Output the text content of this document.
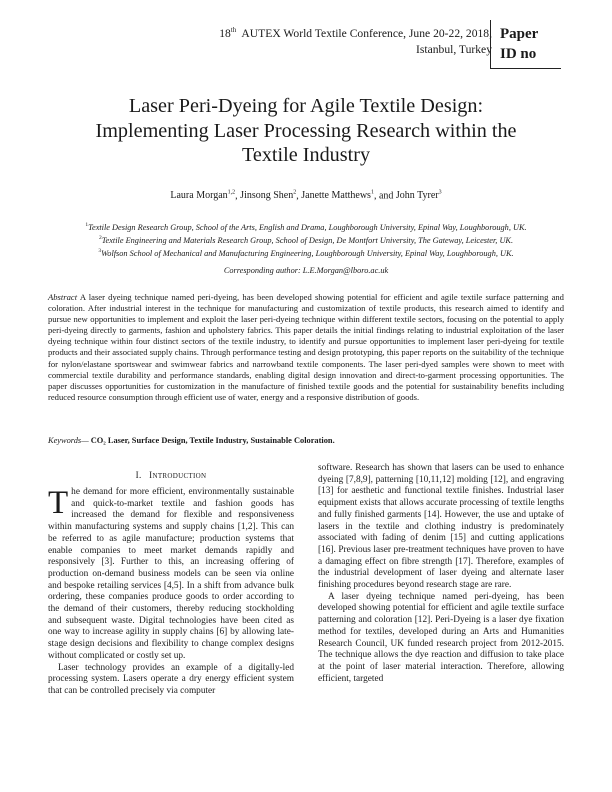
18th AUTEX World Textile Conference, June 20-22, 2018,
Istanbul, Turkey
Paper
ID no
Laser Peri-Dyeing for Agile Textile Design:
Implementing Laser Processing Research within the
Textile Industry
Laura Morgan$^{1,2}$, Jinsong Shen$^2$, Janette Matthews$^1$, and John Tyrer$^3$
$^1$Textile Design Research Group, School of the Arts, English and Drama, Loughborough University, Epinal Way, Loughborough, UK.
$^2$Textile Engineering and Materials Research Group, School of Design, De Montfort University, The Gateway, Leicester, UK.
$^3$Wolfson School of Mechanical and Manufacturing Engineering, Loughborough University, Epinal Way, Loughborough, UK.
Corresponding author: L.E.Morgan@lboro.ac.uk
Abstract A laser dyeing technique named peri-dyeing, has been developed showing potential for efficient and agile textile surface patterning and coloration. After industrial interest in the technique for manufacturing and customization of textile products, this research aimed to identify and pursue new opportunities to implement and exploit the laser peri-dyeing technique within different textile sectors, focusing on the potential to apply peri-dyeing directly to garments, fashion and upholstery fabrics. This paper details the initial findings relating to industrial exploitation of the laser dyeing technique within four distinct sectors of the textile industry, to identify and pursue opportunities to implement laser peri-dyeing for textile products and their associated supply chains. Through performance testing and design prototyping, this paper reports on the suitability of the technique for nylon/elastane sportswear and swimwear fabrics and narrowband textile components. The laser peri-dyed samples were shown to meet with commercial textile durability and performance standards, enabling digital design innovation and direct-to-garment processing opportunities. The paper discusses opportunities for customization in the manufacture of finished textile goods and the potential for sustainability benefits including reduced resource consumption through efficient use of water, energy and a responsive distribution of goods.
Keywords— CO₂ Laser, Surface Design, Textile Industry, Sustainable Coloration.
I. INTRODUCTION

The demand for more efficient, environmentally sustainable and quick-to-market textile and fashion goods has increased the demand for flexible and responsiveness within manufacturing systems and supply chains [1,2]. This can be referred to as agile manufacture; production systems that enable companies to meet market demands rapidly and responsively [3]. Further to this, an increasing offering of production on-demand business models can be seen via online and bespoke retailing services [4,5]. In a shift from advance bulk ordering, these companies produce goods to order according to the demand of their customers, thereby reducing stockholding and subsequent waste. Digital technologies have been cited as one way to increase agility in supply chains [6] by allowing late-stage design decisions and flexibility to change complex designs without complicated or costly set up.

Laser technology provides an example of a digitally-led processing system. Lasers operate a dry energy efficient system that can be controlled precisely via computer

software. Research has shown that lasers can be used to enhance dyeing [7,8,9], patterning [10,11,12] molding [12], and engraving [13] for aesthetic and functional textile finishes. Industrial laser equipment exists that allows accurate processing of textile lengths and fully finished garments [14]. However, the use and uptake of lasers in the textile and clothing industry is predominately associated with fading of denim [15] and cutting applications [16]. Previous laser pre-treatment techniques have proven to have a damaging effect on fibre strength [17]. Therefore, examples of the industrial development of laser dyeing and alternate laser finishing procedures beyond research stage are rare.

A laser dyeing technique named peri-dyeing, has been developed showing potential for efficient and agile textile surface patterning and coloration [12]. Peri-Dyeing is a laser dye fixation method for textiles, developed during an Arts and Humanities Research Council, UK funded research project from 2012-2015. The technique allows the dye reaction and diffusion to take place at the point of laser material interaction. Therefore, allowing efficient, targeted
